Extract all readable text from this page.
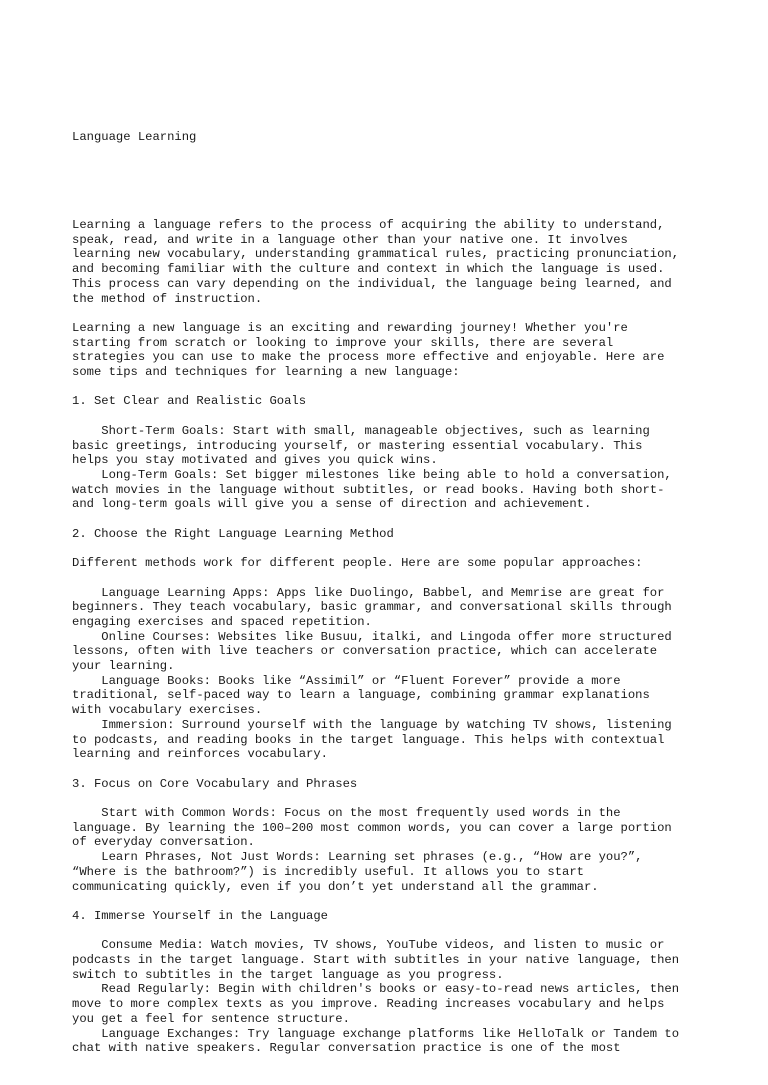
Language Learning

Learning a language refers to the process of acquiring the ability to understand,
speak, read, and write in a language other than your native one. It involves
learning new vocabulary, understanding grammatical rules, practicing pronunciation,
and becoming familiar with the culture and context in which the language is used.
This process can vary depending on the individual, the language being learned, and
the method of instruction.
Learning a new language is an exciting and rewarding journey! Whether you're
starting from scratch or looking to improve your skills, there are several
strategies you can use to make the process more effective and enjoyable. Here are
some tips and techniques for learning a new language:
1. Set Clear and Realistic Goals
Short-Term Goals: Start with small, manageable objectives, such as learning
basic greetings, introducing yourself, or mastering essential vocabulary. This
helps you stay motivated and gives you quick wins.
Long-Term Goals: Set bigger milestones like being able to hold a conversation,
watch movies in the language without subtitles, or read books. Having both short-
and long-term goals will give you a sense of direction and achievement.
2. Choose the Right Language Learning Method
Different methods work for different people. Here are some popular approaches:
Language Learning Apps: Apps like Duolingo, Babbel, and Memrise are great for
beginners. They teach vocabulary, basic grammar, and conversational skills through
engaging exercises and spaced repetition.
Online Courses: Websites like Busuu, italki, and Lingoda offer more structured
lessons, often with live teachers or conversation practice, which can accelerate
your learning.
Language Books: Books like “Assimil” or “Fluent Forever” provide a more
traditional, self-paced way to learn a language, combining grammar explanations
with vocabulary exercises.
Immersion: Surround yourself with the language by watching TV shows, listening
to podcasts, and reading books in the target language. This helps with contextual
learning and reinforces vocabulary.
3. Focus on Core Vocabulary and Phrases
Start with Common Words: Focus on the most frequently used words in the
language. By learning the 100–200 most common words, you can cover a large portion
of everyday conversation.
Learn Phrases, Not Just Words: Learning set phrases (e.g., “How are you?”,
“Where is the bathroom?”) is incredibly useful. It allows you to start
communicating quickly, even if you don’t yet understand all the grammar.
4. Immerse Yourself in the Language
Consume Media: Watch movies, TV shows, YouTube videos, and listen to music or
podcasts in the target language. Start with subtitles in your native language, then
switch to subtitles in the target language as you progress.
Read Regularly: Begin with children's books or easy-to-read news articles, then
move to more complex texts as you improve. Reading increases vocabulary and helps
you get a feel for sentence structure.
Language Exchanges: Try language exchange platforms like HelloTalk or Tandem to
chat with native speakers. Regular conversation practice is one of the most
